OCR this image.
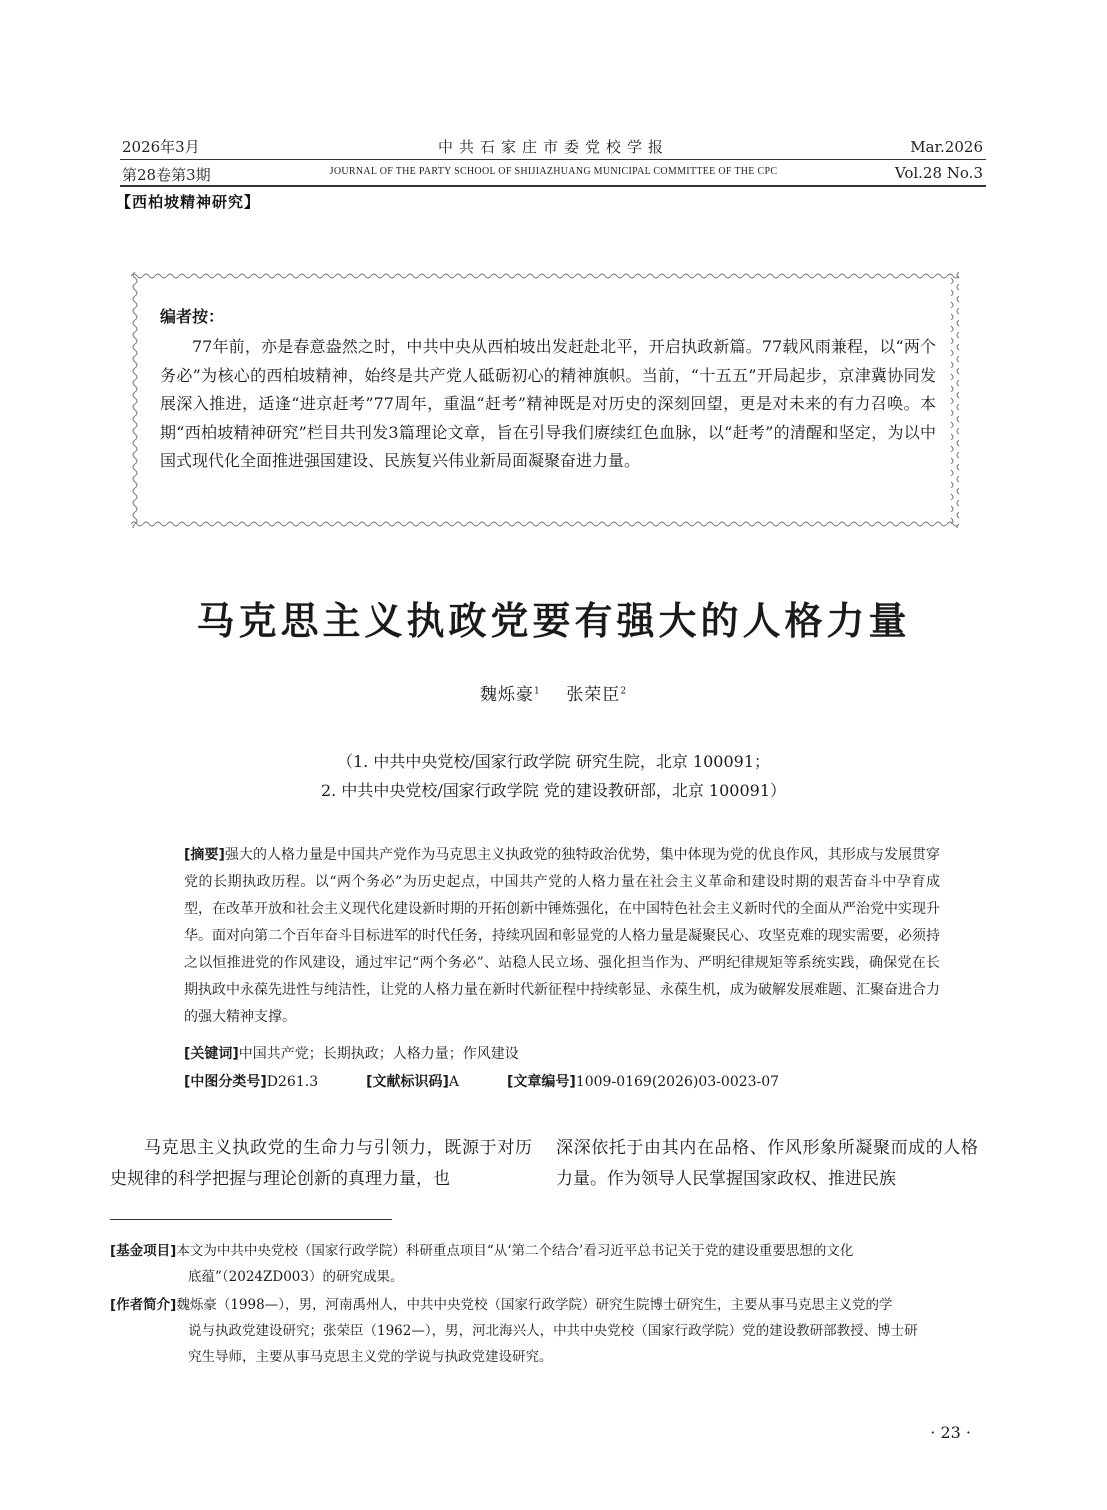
2026年3月
第28卷第3期
中共石家庄市委党校学报
JOURNAL OF THE PARTY SCHOOL OF SHIJIAZHUANG MUNICIPAL COMMITTEE OF THE CPC
Mar.2026
Vol.28 No.3
【西柏坡精神研究】
编者按：
77年前，亦是春意盎然之时，中共中央从西柏坡出发赶赴北平，开启执政新篇。77载风雨兼程，以“两个务必”为核心的西柏坡精神，始终是共产党人砥砺初心的精神旗帜。当前，“十五五”开局起步，京津冀协同发展深入推进，适逢“进京赶考”77周年，重温“赶考”精神既是对历史的深刻回望，更是对未来的有力召唤。本期“西柏坡精神研究”栏目共刊发3篇理论文章，旨在引导我们赓续红色血脉，以“赶考”的清醒和坚定，为以中国式现代化全面推进强国建设、民族复兴伟业新局面凝聚奋进力量。
马克思主义执政党要有强大的人格力量
魏烁豪$^1$ 张荣臣$^2$
（1. 中共中央党校/国家行政学院 研究生院，北京 100091；
2. 中共中央党校/国家行政学院 党的建设教研部，北京 100091）
[摘要]强大的人格力量是中国共产党作为马克思主义执政党的独特政治优势，集中体现为党的优良作风，其形成与发展贯穿党的长期执政历程。以“两个务必”为历史起点，中国共产党的人格力量在社会主义革命和建设时期的艰苦奋斗中孕育成型，在改革开放和社会主义现代化建设新时期的开拓创新中锤炼强化，在中国特色社会主义新时代的全面从严治党中实现升华。面对向第二个百年奋斗目标进军的时代任务，持续巩固和彰显党的人格力量是凝聚民心、攻坚克难的现实需要，必须持之以恒推进党的作风建设，通过牢记“两个务必”、站稳人民立场、强化担当作为、严明纪律规矩等系统实践，确保党在长期执政中永葆先进性与纯洁性，让党的人格力量在新时代新征程中持续彰显、永葆生机，成为破解发展难题、汇聚奋进合力的强大精神支撑。
[关键词]中国共产党；长期执政；人格力量；作风建设
[中图分类号]D261.3	[文献标识码]A	[文章编号]1009-0169(2026)03-0023-07
马克思主义执政党的生命力与引领力，既源于对历史规律的科学把握与理论创新的真理力量，也
深深依托于由其内在品格、作风形象所凝聚而成的人格力量。作为领导人民掌握国家政权、推进民族
[基金项目]本文为中共中央党校（国家行政学院）科研重点项目“从‘第二个结合’看习近平总书记关于党的建设重要思想的文化
底蕴”（2024ZD003）的研究成果。
[作者简介]魏烁豪（1998—），男，河南禹州人，中共中央党校（国家行政学院）研究生院博士研究生，主要从事马克思主义党的学
说与执政党建设研究；张荣臣（1962—），男，河北海兴人，中共中央党校（国家行政学院）党的建设教研部教授、博士研
究生导师，主要从事马克思主义党的学说与执政党建设研究。
· 23 ·
